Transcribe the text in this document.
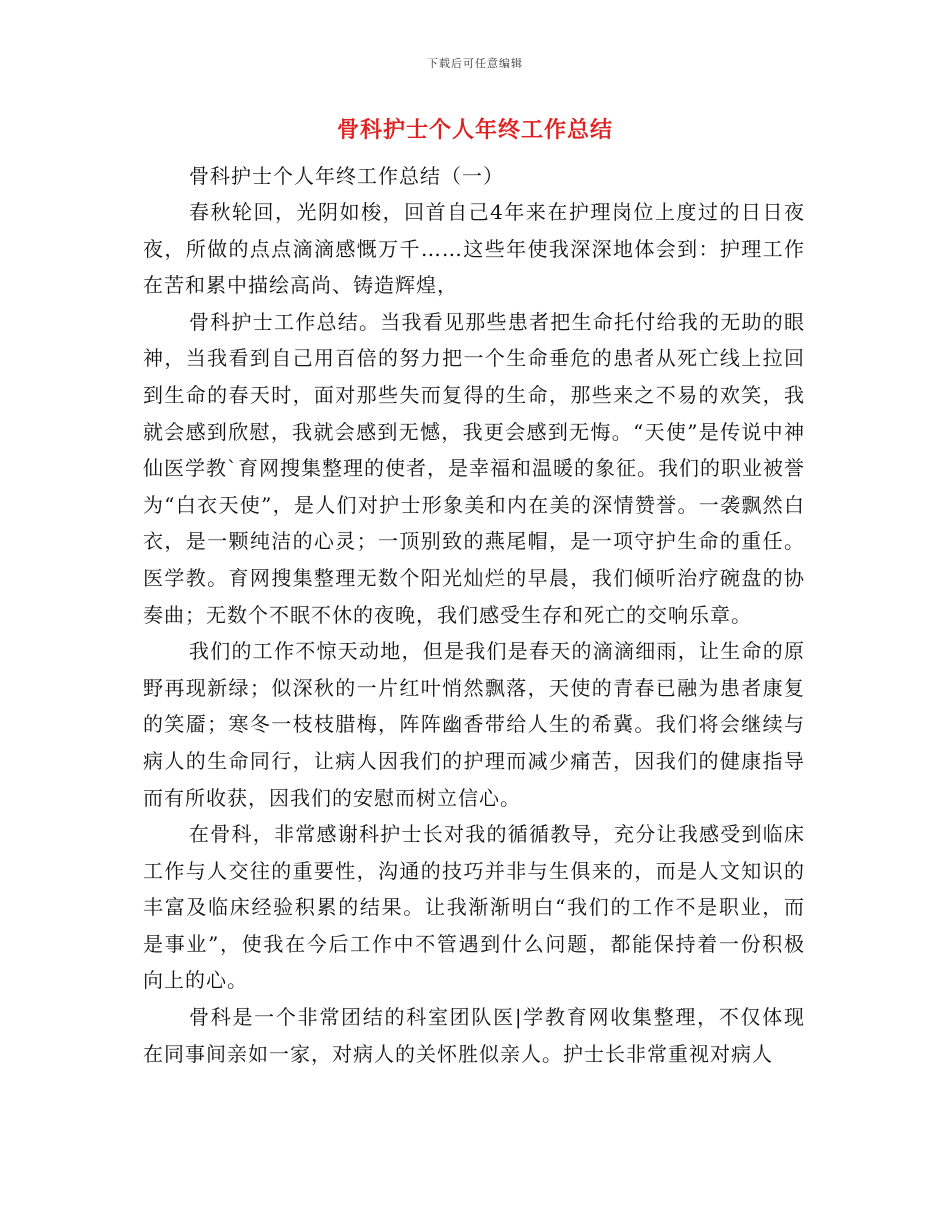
下载后可任意编辑
骨科护士个人年终工作总结

骨科护士个人年终工作总结（一）

春秋轮回，光阴如梭，回首自己4年来在护理岗位上度过的日日夜夜，所做的点点滴滴感慨万千……这些年使我深深地体会到：护理工作在苦和累中描绘高尚、铸造辉煌，

骨科护士工作总结。当我看见那些患者把生命托付给我的无助的眼神，当我看到自己用百倍的努力把一个生命垂危的患者从死亡线上拉回到生命的春天时，面对那些失而复得的生命，那些来之不易的欢笑，我就会感到欣慰，我就会感到无憾，我更会感到无悔。“天使”是传说中神仙医学教`育网搜集整理的使者，是幸福和温暖的象征。我们的职业被誉为“白衣天使”，是人们对护士形象美和内在美的深情赞誉。一袭飘然白衣，是一颗纯洁的心灵；一顶别致的燕尾帽，是一项守护生命的重任。医学教。育网搜集整理无数个阳光灿烂的早晨，我们倾听治疗碗盘的协奏曲；无数个不眠不休的夜晚，我们感受生存和死亡的交响乐章。

我们的工作不惊天动地，但是我们是春天的滴滴细雨，让生命的原野再现新绿；似深秋的一片红叶悄然飘落，天使的青春已融为患者康复的笑靥；寒冬一枝枝腊梅，阵阵幽香带给人生的希冀。我们将会继续与病人的生命同行，让病人因我们的护理而减少痛苦，因我们的健康指导而有所收获，因我们的安慰而树立信心。

在骨科，非常感谢科护士长对我的循循教导，充分让我感受到临床工作与人交往的重要性，沟通的技巧并非与生俱来的，而是人文知识的丰富及临床经验积累的结果。让我渐渐明白“我们的工作不是职业，而是事业”，使我在今后工作中不管遇到什么问题，都能保持着一份积极向上的心。

骨科是一个非常团结的科室团队医|学教育网收集整理，不仅体现在同事间亲如一家，对病人的关怀胜似亲人。护士长非常重视对病人
